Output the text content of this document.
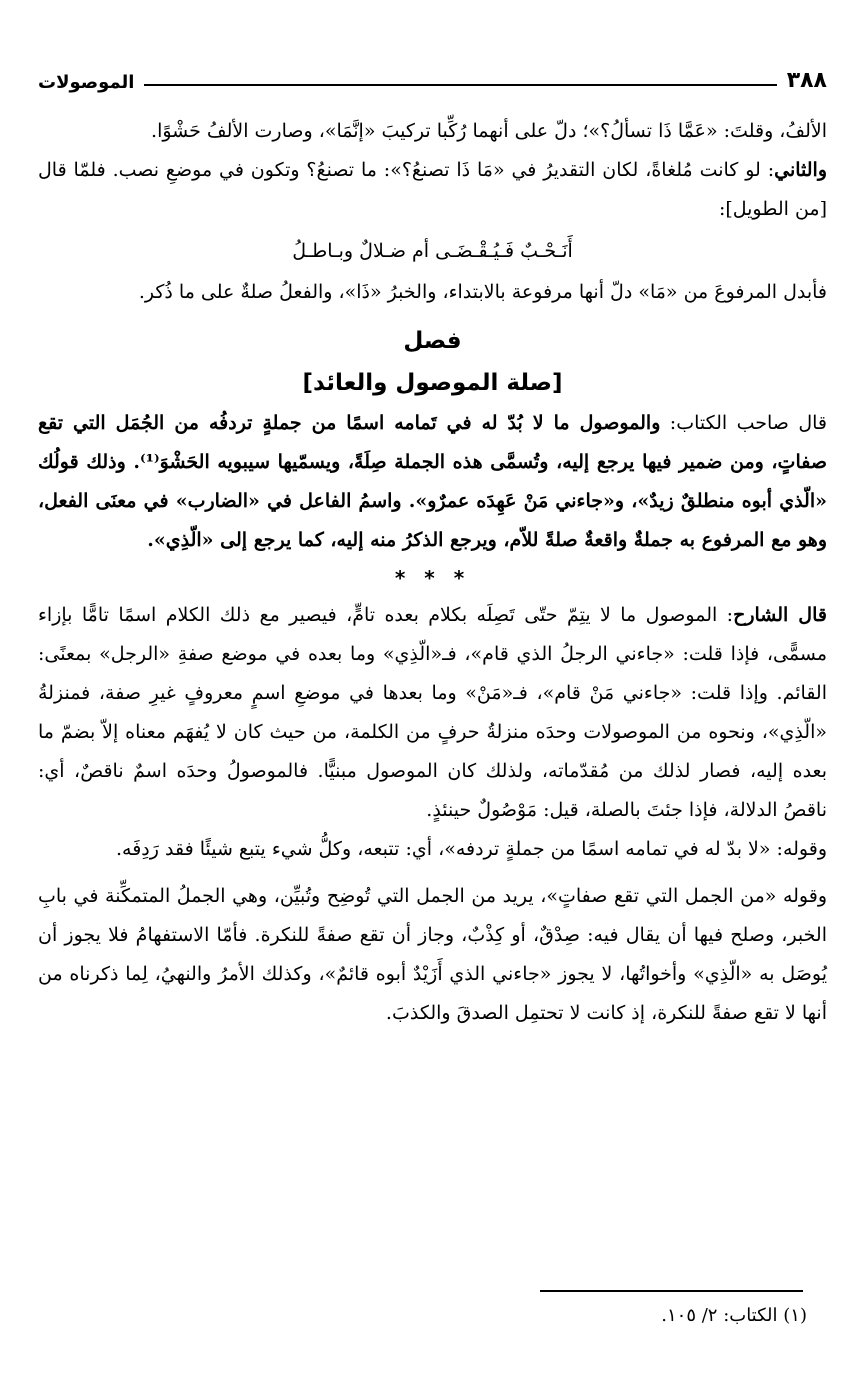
٣٨٨
الموصولات

الألفُ، وقلتَ: «عَمَّا ذَا تسألُ؟»؛ دلّ على أنهما رُكِّبا تركيبَ «إنَّمَا»، وصارت الألفُ حَشْوًا.

والثاني: لو كانت مُلغاةً، لكان التقديرُ في «مَا ذَا تصنعُ؟»: ما تصنعُ؟ وتكون في موضعِ نصب. فلمّا قال [من الطويل]:

أَنَـحْـبٌ فَـيُـقْـضَـى أم ضـلالٌ وبـاطـلُ

فأبدل المرفوعَ من «مَا» دلّ أنها مرفوعة بالابتداء، والخبرُ «ذَا»، والفعلُ صلةٌ على ما ذُكر.

فصل
[صلة الموصول والعائد]

قال صاحب الكتاب: والموصول ما لا بُدّ له في تَمامه اسمًا من جملةٍ تردفُه من الجُمَل التي تقع صفاتٍ، ومن ضمير فيها يرجع إليه، وتُسمَّى هذه الجملة صِلَةً، ويسمّيها سيبويه الحَشْوَ⁽¹⁾. وذلك قولُك «الّذي أبوه منطلقٌ زيدٌ»، و«جاءني مَنْ عَهِدَه عمرٌو». واسمُ الفاعل في «الضارب» في معنَى الفعل، وهو مع المرفوع به جملةٌ واقعةٌ صلةً للاّم، ويرجع الذكرُ منه إليه، كما يرجع إلى «الّذِي».

* * *

قال الشارح: الموصول ما لا يتِمّ حتّى تَصِلَه بكلام بعده تامٍّ، فيصير مع ذلك الكلام اسمًا تامًّا بإزاء مسمًّى، فإذا قلت: «جاءني الرجلُ الذي قام»، فـ«الّذِي» وما بعده في موضع صفةِ «الرجل» بمعنًى: القائم. وإذا قلت: «جاءني مَنْ قام»، فـ«مَنْ» وما بعدها في موضعِ اسمٍ معروفٍ غيرِ صفة، فمنزلةُ «الّذِي»، ونحوه من الموصولات وحدَه منزلةُ حرفٍ من الكلمة، من حيث كان لا يُفهَم معناه إلاّ بضمّ ما بعده إليه، فصار لذلك من مُقدّماته، ولذلك كان الموصول مبنيًّا. فالموصولُ وحدَه اسمٌ ناقصٌ، أي: ناقصُ الدلالة، فإذا جئتَ بالصلة، قيل: مَوْصُولٌ حينئذٍ.

وقوله: «لا بدّ له في تمامه اسمًا من جملةٍ تردفه»، أي: تتبعه، وكلُّ شيء يتبع شيئًا فقد رَدِفَه.

وقوله «من الجمل التي تقع صفاتٍ»، يريد من الجمل التي تُوضِح وتُبيِّن، وهي الجملُ المتمكِّنة في بابِ الخبر، وصلح فيها أن يقال فيه: صِدْقٌ، أو كِذْبٌ، وجاز أن تقع صفةً للنكرة. فأمّا الاستفهامُ فلا يجوز أن يُوصَل به «الّذِي» وأخواتُها، لا يجوز «جاءني الذي أَزَيْدٌ أبوه قائمٌ»، وكذلك الأمرُ والنهيُ، لِما ذكرناه من أنها لا تقع صفةً للنكرة، إذ كانت لا تحتمِل الصدقَ والكذبَ.

(١) الكتاب: ٢/ ١٠٥.
